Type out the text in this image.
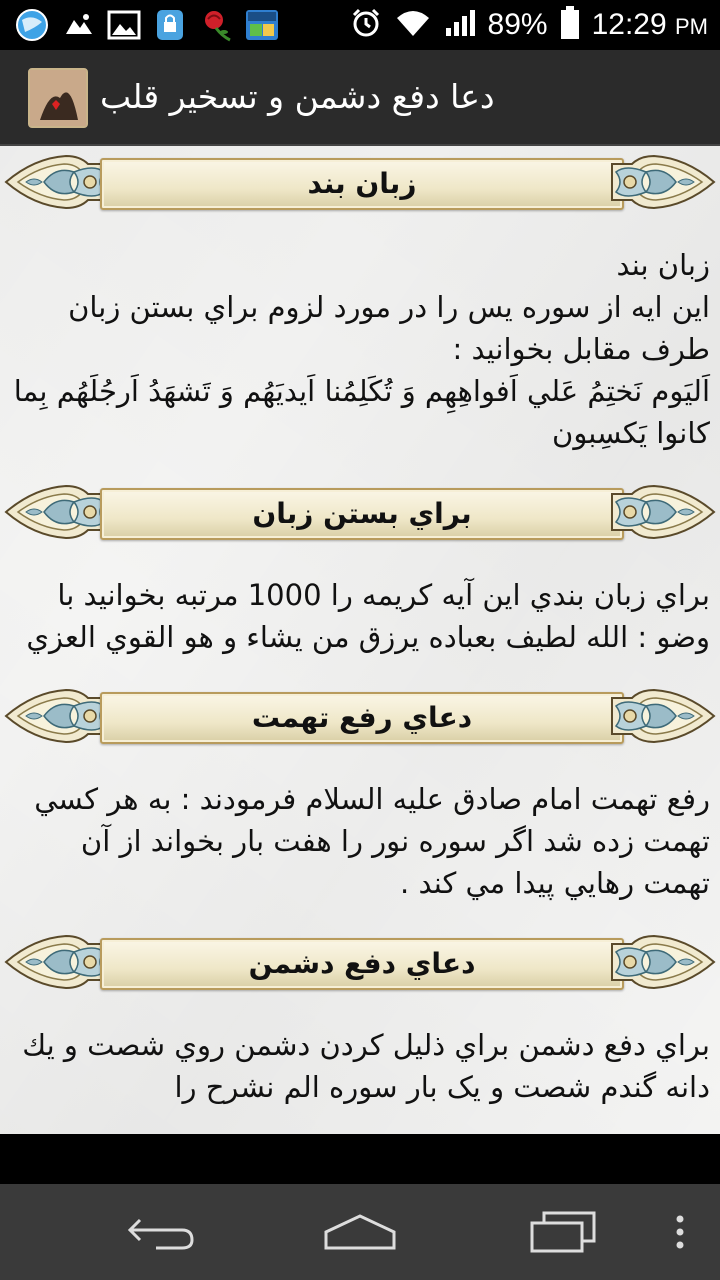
89% 12:29 PM
دعا دفع دشمن و تسخیر قلب
زبان بند
زبان بند
اين ايه از سوره يس را در مورد لزوم براي بستن زبان طرف مقابل بخوانيد :
اَلیَوم نَختِمُ عَلي اَفواهِهِم وَ تُکَلِمُنا اَیدیَهُم وَ تَشهَدُ اَرجُلَهُم بِما کانوا یَکسِبون
براي بستن زبان
براي زبان بندي اين آيه كريمه را 1000 مرتبه بخوانيد با وضو : الله لطيف بعباده يرزق من يشاء و هو القوي العزي
دعاي رفع تهمت
رفع تهمت امام صادق عليه السلام فرمودند : به هر كسي تهمت زده شد اگر سوره نور را هفت بار بخواند از آن تهمت رهايي پيدا مي كند .
دعاي دفع دشمن
براي دفع دشمن براي ذليل كردن دشمن روي شصت و يك دانه گندم شصت و يک بار سوره الم نشرح را
